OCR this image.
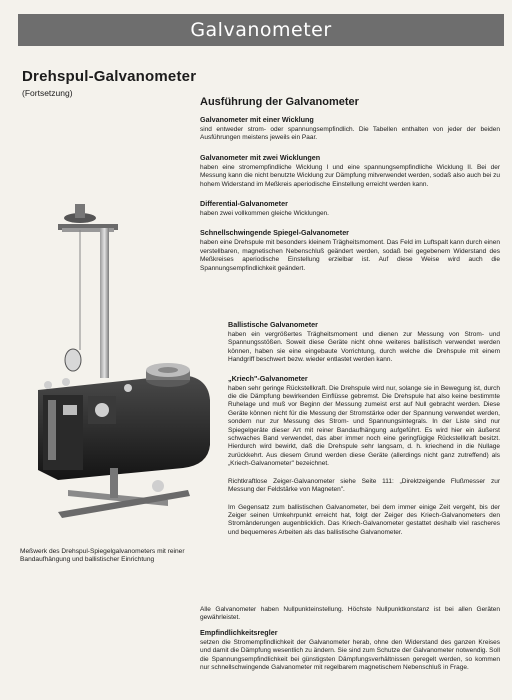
Galvanometer
Drehspul-Galvanometer
(Fortsetzung)
Ausführung der Galvanometer
Galvanometer mit einer Wicklung

sind entweder strom- oder spannungsempfindlich. Die Tabellen enthalten von jeder der beiden Ausführungen meistens jeweils ein Paar.

Galvanometer mit zwei Wicklungen

haben eine stromempfindliche Wicklung I und eine spannungsempfindliche Wicklung II. Bei der Messung kann die nicht benutzte Wicklung zur Dämpfung mitverwendet werden, sodaß also auch bei zu hohem Widerstand im Meßkreis aperiodische Einstellung erreicht werden kann.

Differential-Galvanometer

haben zwei vollkommen gleiche Wicklungen.

Schnellschwingende Spiegel-Galvanometer

haben eine Drehspule mit besonders kleinem Trägheitsmoment. Das Feld im Luftspalt kann durch einen verstellbaren, magnetischen Nebenschluß geändert werden, sodaß bei gegebenem Widerstand des Meßkreises aperiodische Einstellung erzielbar ist. Auf diese Weise wird auch die Spannungsempfindlichkeit geändert.

Ballistische Galvanometer

haben ein vergrößertes Trägheitsmoment und dienen zur Messung von Strom- und Spannungsstößen. Soweit diese Geräte nicht ohne weiteres ballistisch verwendet werden können, haben sie eine eingebaute Vorrichtung, durch welche die Drehspule mit einem Handgriff beschwert bezw. wieder entlastet werden kann.

„Kriech"-Galvanometer

haben sehr geringe Rückstellkraft. Die Drehspule wird nur, solange sie in Bewegung ist, durch die die Dämpfung bewirkenden Einflüsse gebremst. Die Drehspule hat also keine bestimmte Ruhelage und muß vor Beginn der Messung zumeist erst auf Null gebracht werden. Diese Geräte können nicht für die Messung der Stromstärke oder der Spannung verwendet werden, sondern nur zur Messung des Strom- und Spannungsintegrals. In der Liste sind nur Spiegelgeräte dieser Art mit reiner Bandaufhängung aufgeführt. Es wird hier ein äußerst schwaches Band verwendet, das aber immer noch eine geringfügige Rückstellkraft besitzt. Hierdurch wird bewirkt, daß die Drehspule sehr langsam, d. h. kriechend in die Nullage zurückkehrt. Aus diesem Grund werden diese Geräte (allerdings nicht ganz zutreffend) als „Kriech-Galvanometer" bezeichnet.

Richtkraftlose Zeiger-Galvanometer siehe Seite 111: „Direktzeigende Flußmesser zur Messung der Feldstärke von Magneten".

Im Gegensatz zum ballistischen Galvanometer, bei dem immer einige Zeit vergeht, bis der Zeiger seinen Umkehrpunkt erreicht hat, folgt der Zeiger des Kriech-Galvanometers den Stromänderungen augenblicklich. Das Kriech-Galvanometer gestattet deshalb viel rascheres und bequemeres Arbeiten als das ballistische Galvanometer.

Alle Galvanometer haben Nullpunkteinstellung. Höchste Nullpunktkonstanz ist bei allen Geräten gewährleistet.

Empfindlichkeitsregler

setzen die Stromempfindlichkeit der Galvanometer herab, ohne den Widerstand des ganzen Kreises und damit die Dämpfung wesentlich zu ändern. Sie sind zum Schutze der Galvanometer notwendig. Soll die Spannungsempfindlichkeit bei günstigsten Dämpfungsverhältnissen geregelt werden, so kommen nur schnellschwingende Galvanometer mit regelbarem magnetischem Nebenschluß in Frage.

Meßwerk des Drehspul-Spiegelgalvanometers mit reiner Bandaufhängung und ballistischer Einrichtung
